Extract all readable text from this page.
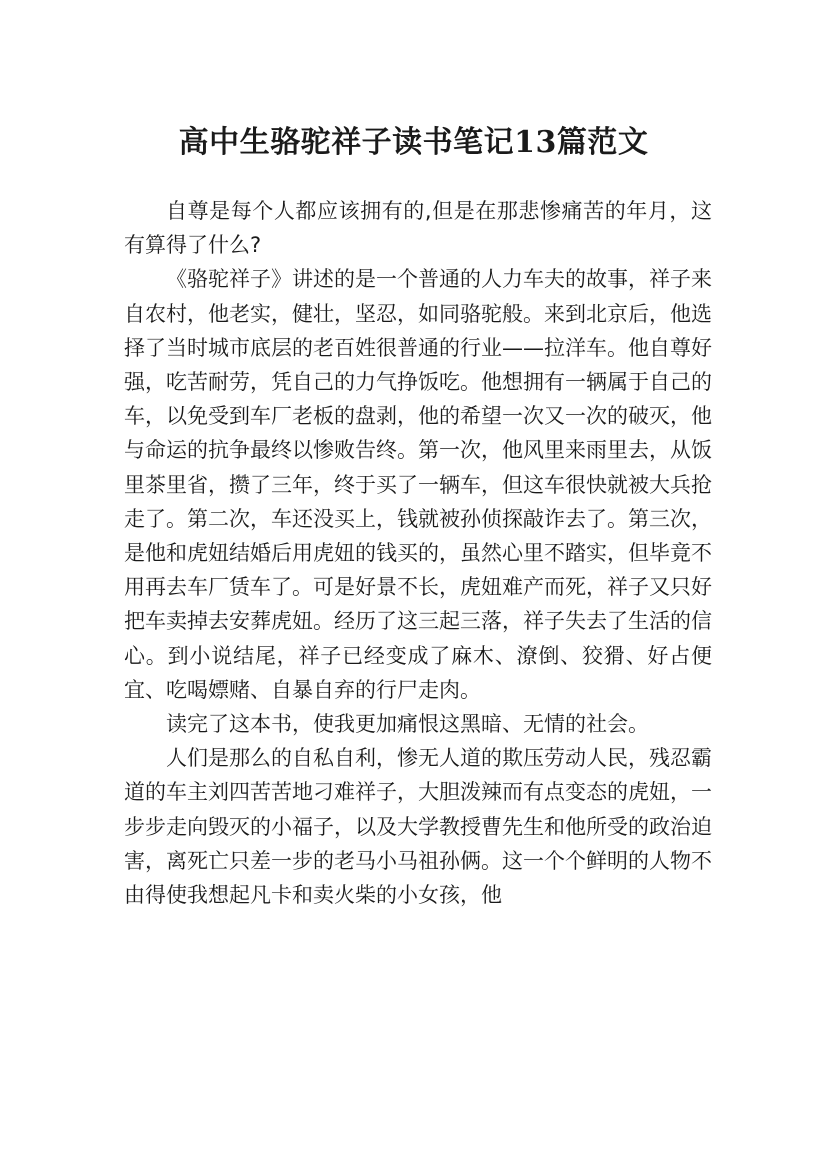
高中生骆驼祥子读书笔记13篇范文

自尊是每个人都应该拥有的,但是在那悲惨痛苦的年月，这有算得了什么?

《骆驼祥子》讲述的是一个普通的人力车夫的故事，祥子来自农村，他老实，健壮，坚忍，如同骆驼般。来到北京后，他选择了当时城市底层的老百姓很普通的行业——拉洋车。他自尊好强，吃苦耐劳，凭自己的力气挣饭吃。他想拥有一辆属于自己的车，以免受到车厂老板的盘剥，他的希望一次又一次的破灭，他与命运的抗争最终以惨败告终。第一次，他风里来雨里去，从饭里茶里省，攒了三年，终于买了一辆车，但这车很快就被大兵抢走了。第二次，车还没买上，钱就被孙侦探敲诈去了。第三次，是他和虎妞结婚后用虎妞的钱买的，虽然心里不踏实，但毕竟不用再去车厂赁车了。可是好景不长，虎妞难产而死，祥子又只好把车卖掉去安葬虎妞。经历了这三起三落，祥子失去了生活的信心。到小说结尾，祥子已经变成了麻木、潦倒、狡猾、好占便宜、吃喝嫖赌、自暴自弃的行尸走肉。

读完了这本书，使我更加痛恨这黑暗、无情的社会。

人们是那么的自私自利，惨无人道的欺压劳动人民，残忍霸道的车主刘四苦苦地刁难祥子，大胆泼辣而有点变态的虎妞，一步步走向毁灭的小福子，以及大学教授曹先生和他所受的政治迫害，离死亡只差一步的老马小马祖孙俩。这一个个鲜明的人物不由得使我想起凡卡和卖火柴的小女孩，他
